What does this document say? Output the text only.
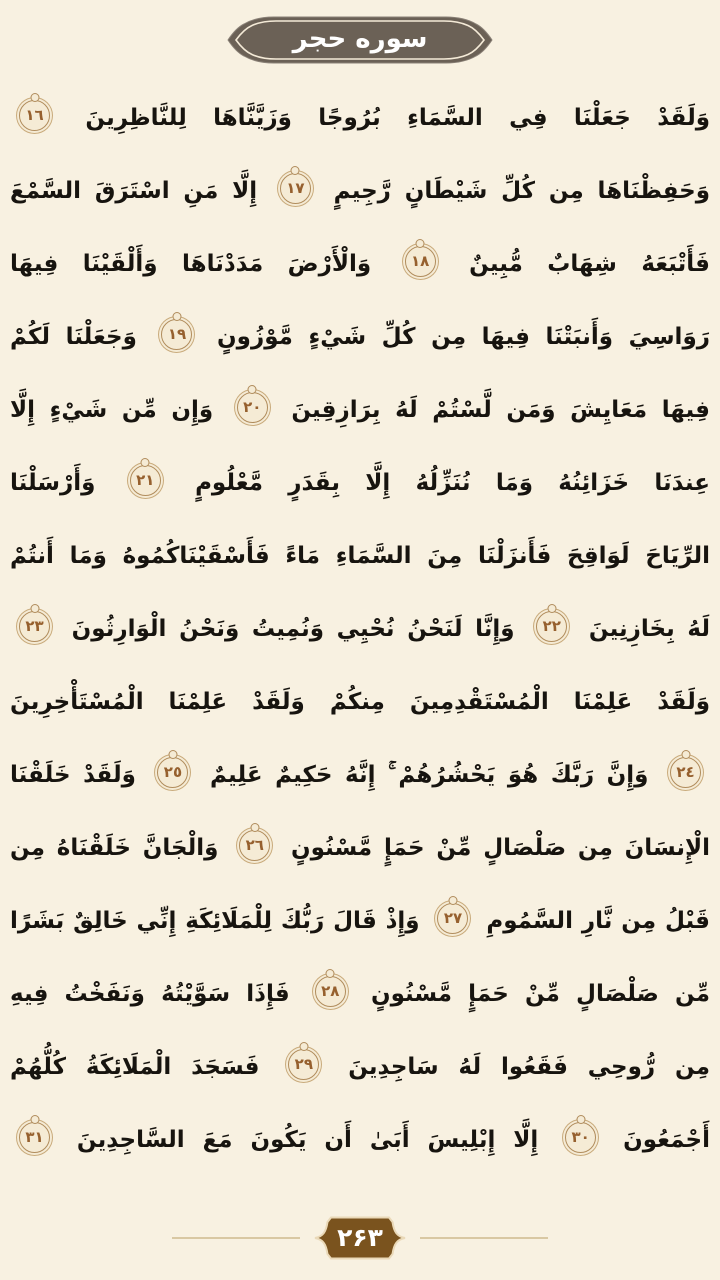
سوره حجر
وَلَقَدْ جَعَلْنَا فِي السَّمَاءِ بُرُوجًا وَزَيَّنَّاهَا لِلنَّاظِرِينَ ١٦
وَحَفِظْنَاهَا مِن كُلِّ شَيْطَانٍ رَّجِيمٍ ١٧ إِلَّا مَنِ اسْتَرَقَ السَّمْعَ
فَأَتْبَعَهُ شِهَابٌ مُّبِينٌ ١٨ وَالْأَرْضَ مَدَدْنَاهَا وَأَلْقَيْنَا فِيهَا
رَوَاسِيَ وَأَنبَتْنَا فِيهَا مِن كُلِّ شَيْءٍ مَّوْزُونٍ ١٩ وَجَعَلْنَا لَكُمْ
فِيهَا مَعَايِشَ وَمَن لَّسْتُمْ لَهُ بِرَازِقِينَ ٢٠ وَإِن مِّن شَيْءٍ إِلَّا
عِندَنَا خَزَائِنُهُ وَمَا نُنَزِّلُهُ إِلَّا بِقَدَرٍ مَّعْلُومٍ ٢١ وَأَرْسَلْنَا
الرِّيَاحَ لَوَاقِحَ فَأَنزَلْنَا مِنَ السَّمَاءِ مَاءً فَأَسْقَيْنَاكُمُوهُ وَمَا أَنتُمْ
لَهُ بِخَازِنِينَ ٢٢ وَإِنَّا لَنَحْنُ نُحْيِي وَنُمِيتُ وَنَحْنُ الْوَارِثُونَ ٢٣
وَلَقَدْ عَلِمْنَا الْمُسْتَقْدِمِينَ مِنكُمْ وَلَقَدْ عَلِمْنَا الْمُسْتَأْخِرِينَ
٢٤ وَإِنَّ رَبَّكَ هُوَ يَحْشُرُهُمْ ۚ إِنَّهُ حَكِيمٌ عَلِيمٌ ٢٥ وَلَقَدْ خَلَقْنَا
الْإِنسَانَ مِن صَلْصَالٍ مِّنْ حَمَإٍ مَّسْنُونٍ ٢٦ وَالْجَانَّ خَلَقْنَاهُ مِن
قَبْلُ مِن نَّارِ السَّمُومِ ٢٧ وَإِذْ قَالَ رَبُّكَ لِلْمَلَائِكَةِ إِنِّي خَالِقٌ بَشَرًا
مِّن صَلْصَالٍ مِّنْ حَمَإٍ مَّسْنُونٍ ٢٨ فَإِذَا سَوَّيْتُهُ وَنَفَخْتُ فِيهِ
مِن رُّوحِي فَقَعُوا لَهُ سَاجِدِينَ ٢٩ فَسَجَدَ الْمَلَائِكَةُ كُلُّهُمْ
أَجْمَعُونَ ٣٠ إِلَّا إِبْلِيسَ أَبَىٰ أَن يَكُونَ مَعَ السَّاجِدِينَ ٣١
۲۶۳
